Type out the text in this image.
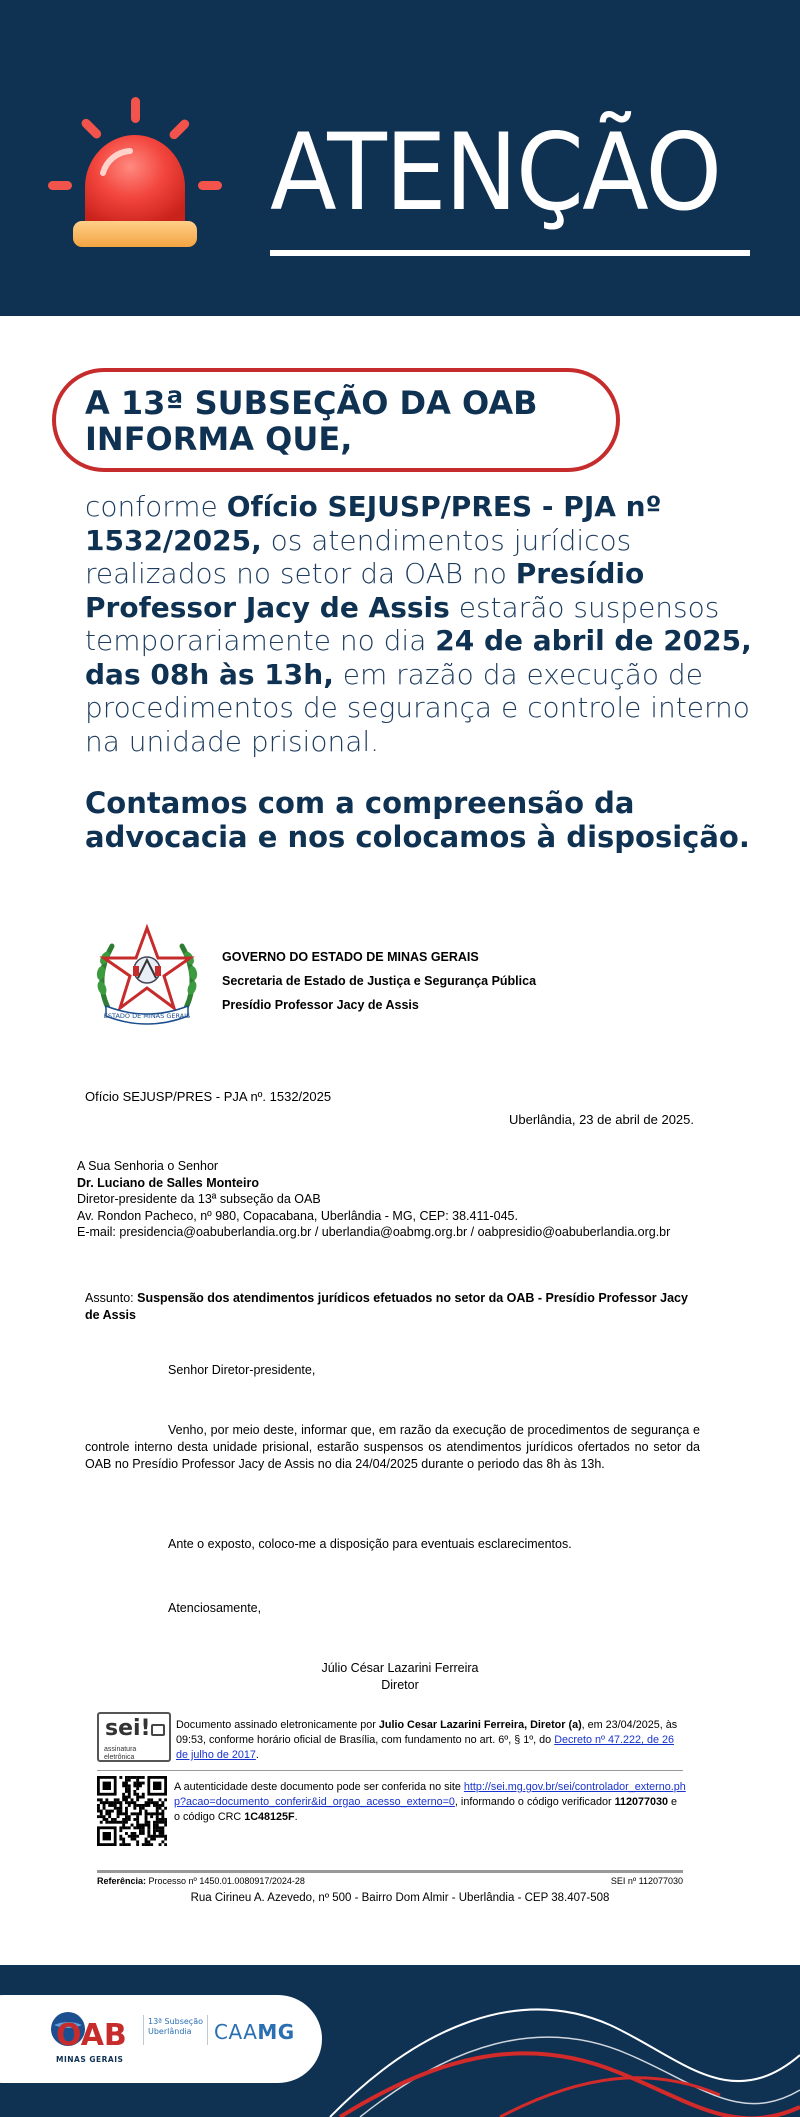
ATENÇÃO
A 13ª SUBSEÇÃO DA OAB
INFORMA QUE,
conforme Ofício SEJUSP/PRES - PJA nº 1532/2025, os atendimentos jurídicos realizados no setor da OAB no Presídio Professor Jacy de Assis estarão suspensos temporariamente no dia 24 de abril de 2025, das 08h às 13h, em razão da execução de procedimentos de segurança e controle interno na unidade prisional.
Contamos com a compreensão da advocacia e nos colocamos à disposição.
ESTADO DE MINAS GERAIS
GOVERNO DO ESTADO DE MINAS GERAIS
Secretaria de Estado de Justiça e Segurança Pública
Presídio Professor Jacy de Assis
Ofício SEJUSP/PRES - PJA nº. 1532/2025
Uberlândia, 23 de abril de 2025.
A Sua Senhoria o Senhor
Dr. Luciano de Salles Monteiro
Diretor-presidente da 13ª subseção da OAB
Av. Rondon Pacheco, nº 980, Copacabana, Uberlândia - MG, CEP: 38.411-045.
E-mail: presidencia@oabuberlandia.org.br / uberlandia@oabmg.org.br / oabpresidio@oabuberlandia.org.br
Assunto: Suspensão dos atendimentos jurídicos efetuados no setor da OAB - Presídio Professor Jacy de Assis
Senhor Diretor-presidente,
Venho, por meio deste, informar que, em razão da execução de procedimentos de segurança e controle interno desta unidade prisional, estarão suspensos os atendimentos jurídicos ofertados no setor da OAB no Presídio Professor Jacy de Assis no dia 24/04/2025 durante o periodo das 8h às 13h.
Ante o exposto, coloco-me a disposição para eventuais esclarecimentos.
Atenciosamente,
Júlio César Lazarini Ferreira
Diretor
sei!
assinatura
eletrônica
Documento assinado eletronicamente por Julio Cesar Lazarini Ferreira, Diretor (a), em 23/04/2025, às 09:53, conforme horário oficial de Brasília, com fundamento no art. 6º, § 1º, do Decreto nº 47.222, de 26 de julho de 2017.
A autenticidade deste documento pode ser conferida no site http://sei.mg.gov.br/sei/controlador_externo.php?acao=documento_conferir&id_orgao_acesso_externo=0, informando o código verificador 112077030 e o código CRC 1C48125F.
Referência: Processo nº 1450.01.0080917/2024-28	SEI nº 112077030
Rua Cirineu A. Azevedo, nº 500 - Bairro Dom Almir - Uberlândia - CEP 38.407-508
OAB
MINAS GERAIS
13ª Subseção
Uberlândia	CAAMG
